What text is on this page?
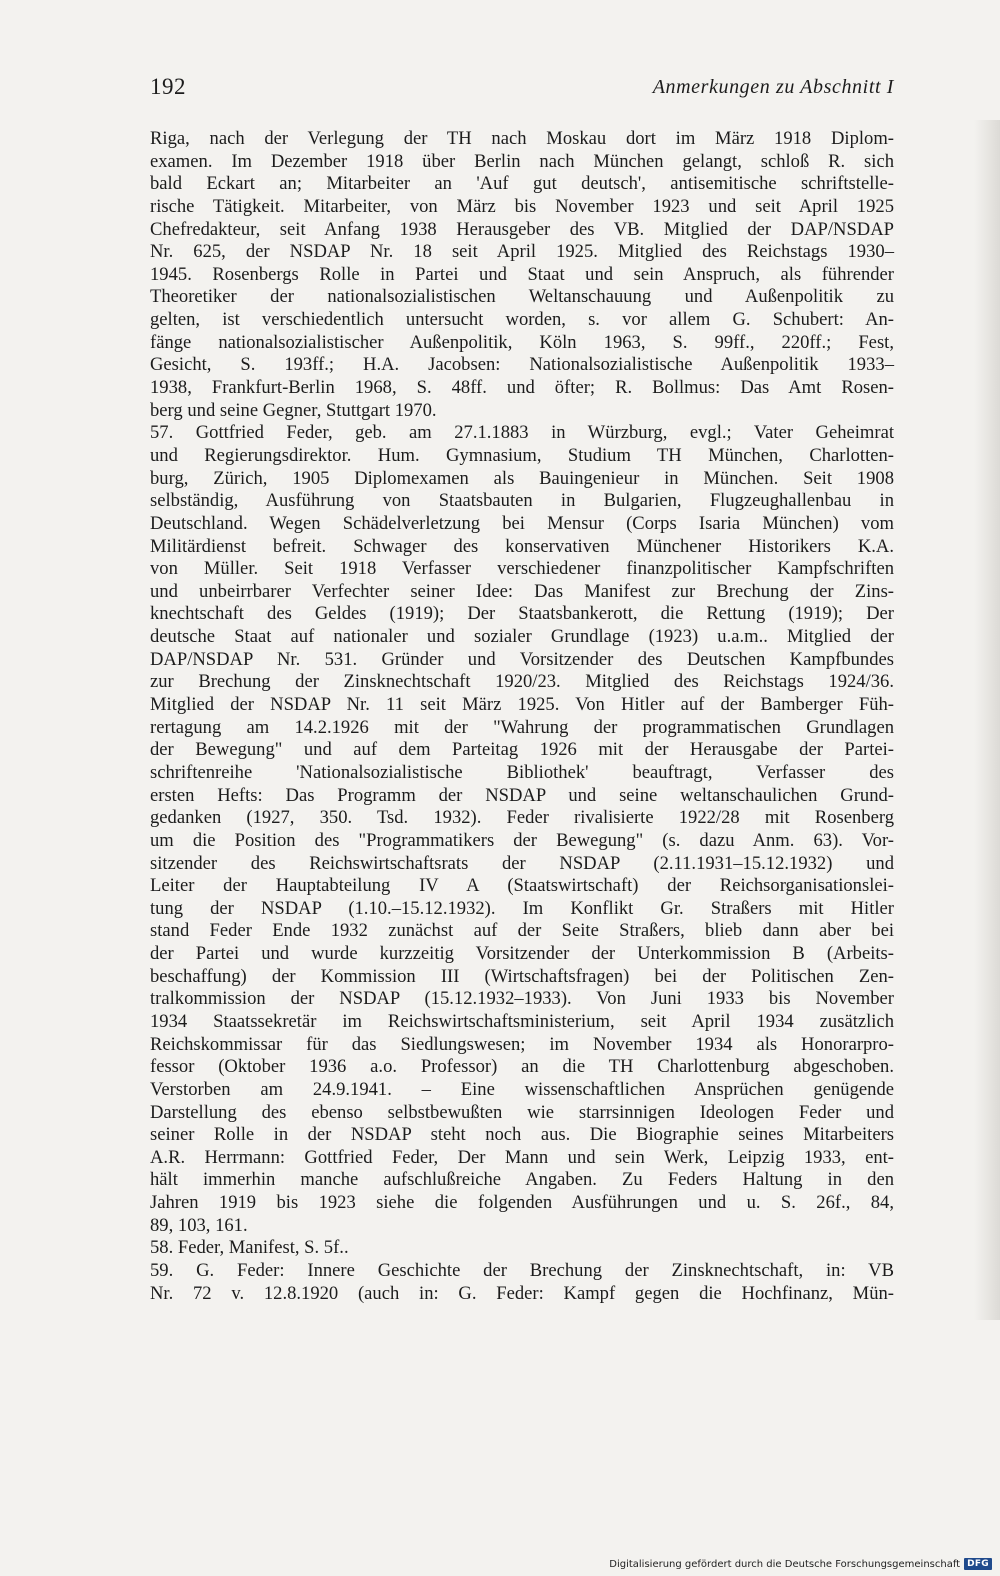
192	Anmerkungen zu Abschnitt I
Riga, nach der Verlegung der TH nach Moskau dort im März 1918 Diplom-
examen. Im Dezember 1918 über Berlin nach München gelangt, schloß R. sich
bald Eckart an; Mitarbeiter an 'Auf gut deutsch', antisemitische schriftstelle-
rische Tätigkeit. Mitarbeiter, von März bis November 1923 und seit April 1925
Chefredakteur, seit Anfang 1938 Herausgeber des VB. Mitglied der DAP/NSDAP
Nr. 625, der NSDAP Nr. 18 seit April 1925. Mitglied des Reichstags 1930–
1945. Rosenbergs Rolle in Partei und Staat und sein Anspruch, als führender
Theoretiker der nationalsozialistischen Weltanschauung und Außenpolitik zu
gelten, ist verschiedentlich untersucht worden, s. vor allem G. Schubert: An-
fänge nationalsozialistischer Außenpolitik, Köln 1963, S. 99ff., 220ff.; Fest,
Gesicht, S. 193ff.; H.A. Jacobsen: Nationalsozialistische Außenpolitik 1933–
1938, Frankfurt-Berlin 1968, S. 48ff. und öfter; R. Bollmus: Das Amt Rosen-
berg und seine Gegner, Stuttgart 1970.
57. Gottfried Feder, geb. am 27.1.1883 in Würzburg, evgl.; Vater Geheimrat
und Regierungsdirektor. Hum. Gymnasium, Studium TH München, Charlotten-
burg, Zürich, 1905 Diplomexamen als Bauingenieur in München. Seit 1908
selbständig, Ausführung von Staatsbauten in Bulgarien, Flugzeughallenbau in
Deutschland. Wegen Schädelverletzung bei Mensur (Corps Isaria München) vom
Militärdienst befreit. Schwager des konservativen Münchener Historikers K.A.
von Müller. Seit 1918 Verfasser verschiedener finanzpolitischer Kampfschriften
und unbeirrbarer Verfechter seiner Idee: Das Manifest zur Brechung der Zins-
knechtschaft des Geldes (1919); Der Staatsbankerott, die Rettung (1919); Der
deutsche Staat auf nationaler und sozialer Grundlage (1923) u.a.m.. Mitglied der
DAP/NSDAP Nr. 531. Gründer und Vorsitzender des Deutschen Kampfbundes
zur Brechung der Zinsknechtschaft 1920/23. Mitglied des Reichstags 1924/36.
Mitglied der NSDAP Nr. 11 seit März 1925. Von Hitler auf der Bamberger Füh-
rertagung am 14.2.1926 mit der "Wahrung der programmatischen Grundlagen
der Bewegung" und auf dem Parteitag 1926 mit der Herausgabe der Partei-
schriftenreihe 'Nationalsozialistische Bibliothek' beauftragt, Verfasser des
ersten Hefts: Das Programm der NSDAP und seine weltanschaulichen Grund-
gedanken (1927, 350. Tsd. 1932). Feder rivalisierte 1922/28 mit Rosenberg
um die Position des "Programmatikers der Bewegung" (s. dazu Anm. 63). Vor-
sitzender des Reichswirtschaftsrats der NSDAP (2.11.1931–15.12.1932) und
Leiter der Hauptabteilung IV A (Staatswirtschaft) der Reichsorganisationslei-
tung der NSDAP (1.10.–15.12.1932). Im Konflikt Gr. Straßers mit Hitler
stand Feder Ende 1932 zunächst auf der Seite Straßers, blieb dann aber bei
der Partei und wurde kurzzeitig Vorsitzender der Unterkommission B (Arbeits-
beschaffung) der Kommission III (Wirtschaftsfragen) bei der Politischen Zen-
tralkommission der NSDAP (15.12.1932–1933). Von Juni 1933 bis November
1934 Staatssekretär im Reichswirtschaftsministerium, seit April 1934 zusätzlich
Reichskommissar für das Siedlungswesen; im November 1934 als Honorarpro-
fessor (Oktober 1936 a.o. Professor) an die TH Charlottenburg abgeschoben.
Verstorben am 24.9.1941. – Eine wissenschaftlichen Ansprüchen genügende
Darstellung des ebenso selbstbewußten wie starrsinnigen Ideologen Feder und
seiner Rolle in der NSDAP steht noch aus. Die Biographie seines Mitarbeiters
A.R. Herrmann: Gottfried Feder, Der Mann und sein Werk, Leipzig 1933, ent-
hält immerhin manche aufschlußreiche Angaben. Zu Feders Haltung in den
Jahren 1919 bis 1923 siehe die folgenden Ausführungen und u. S. 26f., 84,
89, 103, 161.
58. Feder, Manifest, S. 5f..
59. G. Feder: Innere Geschichte der Brechung der Zinsknechtschaft, in: VB
Nr. 72 v. 12.8.1920 (auch in: G. Feder: Kampf gegen die Hochfinanz, Mün-
Digitalisierung gefördert durch die Deutsche Forschungsgemeinschaft DFG
